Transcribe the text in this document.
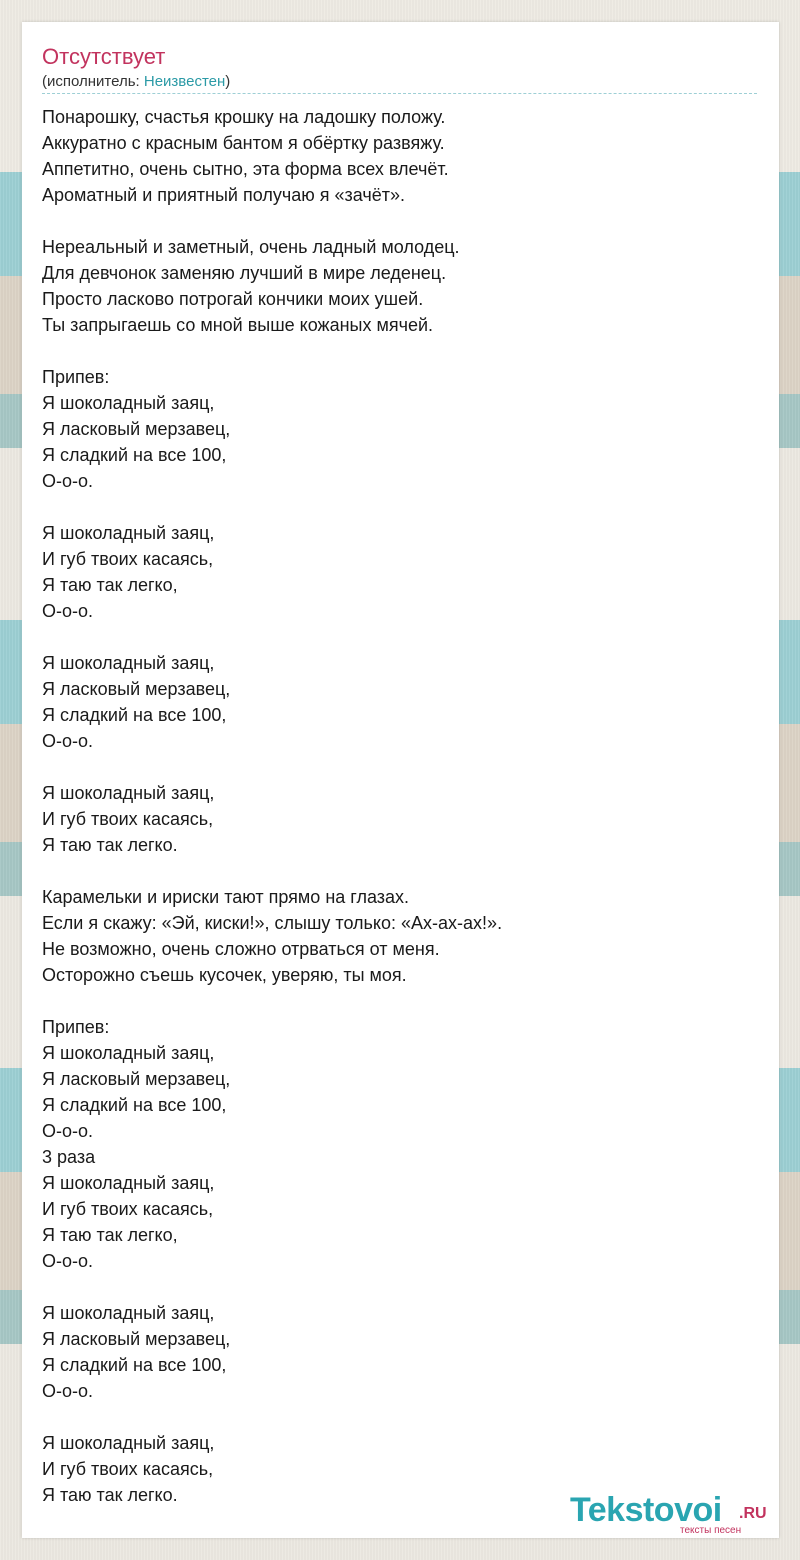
Отсутствует
(исполнитель: Неизвестен)
Понарошку, счастья крошку на ладошку положу.
Аккуратно с красным бантом я обёртку развяжу.
Аппетитно, очень сытно, эта форма всех влечёт.
Ароматный и приятный получаю я «зачёт».
Нереальный и заметный, очень ладный молодец.
Для девчонок заменяю лучший в мире леденец.
Просто ласково потрогай кончики моих ушей.
Ты запрыгаешь со мной выше кожаных мячей.
Припев:
Я шоколадный заяц,
Я ласковый мерзавец,
Я сладкий на все 100,
О-о-о.
Я шоколадный заяц,
И губ твоих касаясь,
Я таю так легко,
О-о-о.
Я шоколадный заяц,
Я ласковый мерзавец,
Я сладкий на все 100,
О-о-о.
Я шоколадный заяц,
И губ твоих касаясь,
Я таю так легко.
Карамельки и ириски тают прямо на глазах.
Если я скажу: «Эй, киски!», слышу только: «Ах-ах-ах!».
Не возможно, очень сложно отрваться от меня.
Осторожно съешь кусочек, уверяю, ты моя.
Припев:
Я шоколадный заяц,
Я ласковый мерзавец,
Я сладкий на все 100,
О-о-о.
3 раза
Я шоколадный заяц,
И губ твоих касаясь,
Я таю так легко,
О-о-о.
Я шоколадный заяц,
Я ласковый мерзавец,
Я сладкий на все 100,
О-о-о.
Я шоколадный заяц,
И губ твоих касаясь,
Я таю так легко.	Tekstovoi .RU
тексты песен
